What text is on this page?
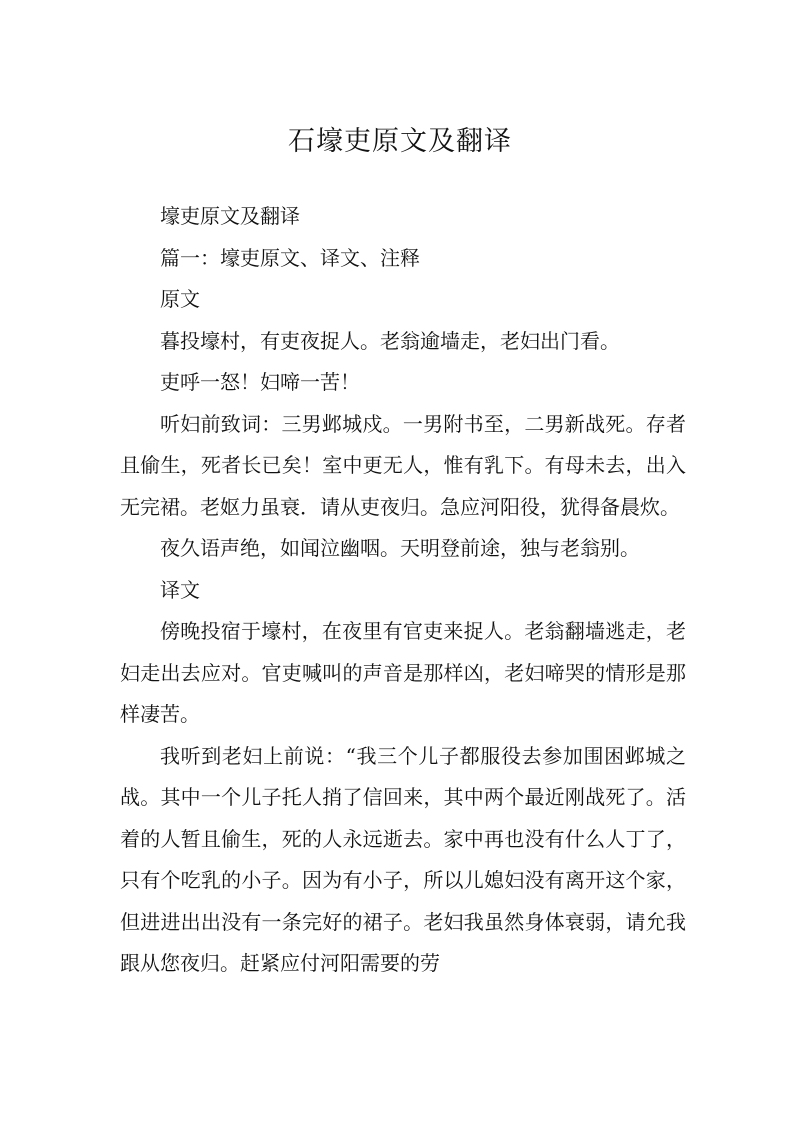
石壕吏原文及翻译

壕吏原文及翻译

篇一：壕吏原文、译文、注释

原文

暮投壕村，有吏夜捉人。老翁逾墙走，老妇出门看。

吏呼一怒！妇啼一苦！

听妇前致词：三男邺城戍。一男附书至，二男新战死。存者且偷生，死者长已矣！室中更无人，惟有乳下。有母未去，出入无完裙。老妪力虽衰．请从吏夜归。急应河阳役，犹得备晨炊。

夜久语声绝，如闻泣幽咽。天明登前途，独与老翁别。

译文

傍晚投宿于壕村，在夜里有官吏来捉人。老翁翻墙逃走，老妇走出去应对。官吏喊叫的声音是那样凶，老妇啼哭的情形是那样凄苦。

我听到老妇上前说：“我三个儿子都服役去参加围困邺城之战。其中一个儿子托人捎了信回来，其中两个最近刚战死了。活着的人暂且偷生，死的人永远逝去。家中再也没有什么人丁了，只有个吃乳的小子。因为有小子，所以儿媳妇没有离开这个家，但进进出出没有一条完好的裙子。老妇我虽然身体衰弱，请允我跟从您夜归。赶紧应付河阳需要的劳
